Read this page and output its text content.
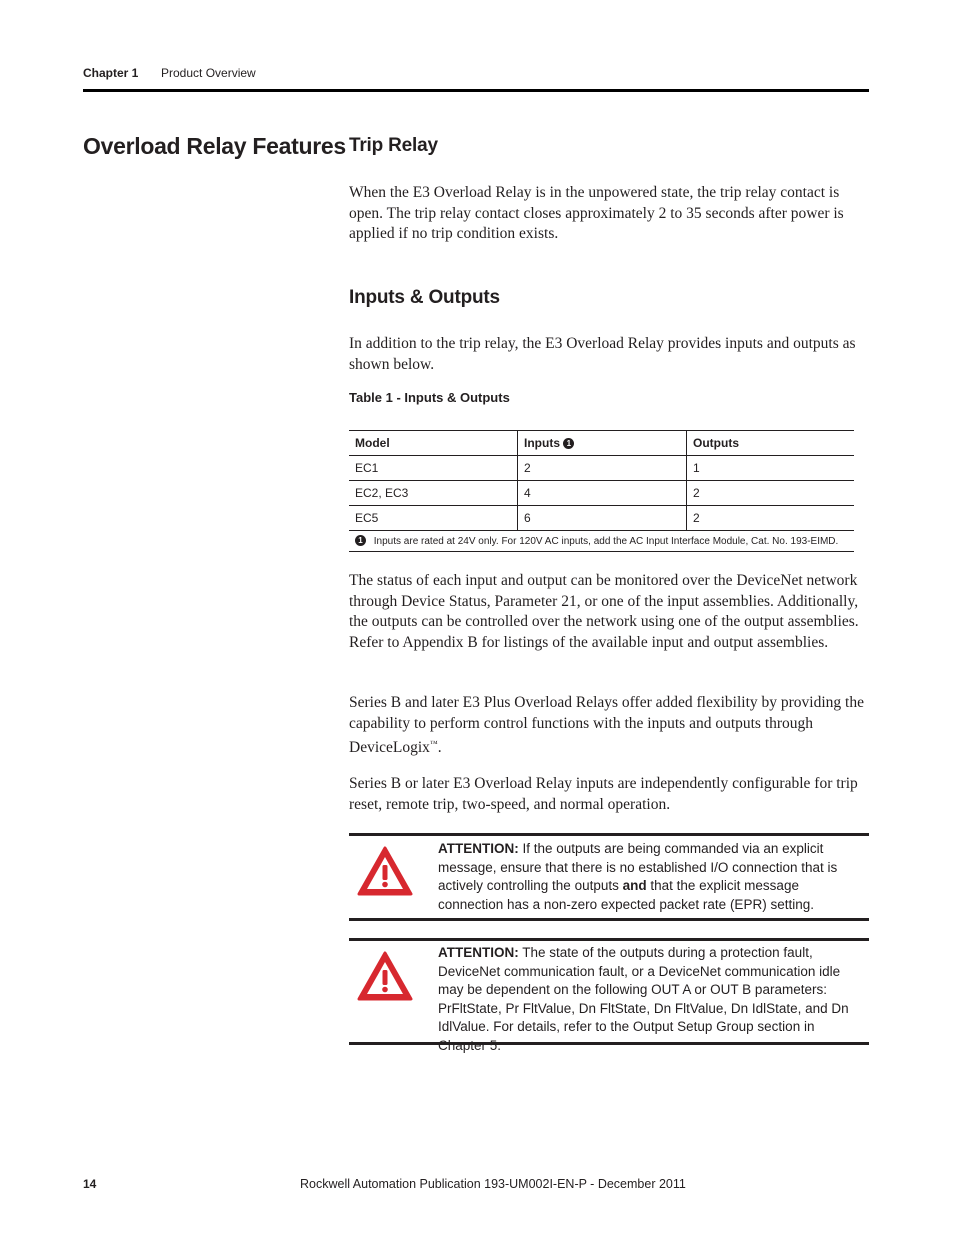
Chapter 1 Product Overview
Overload Relay Features Trip Relay

When the E3 Overload Relay is in the unpowered state, the trip relay contact is open. The trip relay contact closes approximately 2 to 35 seconds after power is applied if no trip condition exists.

Inputs & Outputs

In addition to the trip relay, the E3 Overload Relay provides inputs and outputs as shown below.

Table 1 - Inputs & Outputs
Model	Inputs 1	Outputs
EC1	2	1
EC2, EC3	4	2
EC5	6	2
1 Inputs are rated at 24V only. For 120V AC inputs, add the AC Input Interface Module, Cat. No. 193-EIMD.		

The status of each input and output can be monitored over the DeviceNet network through Device Status, Parameter 21, or one of the input assemblies. Additionally, the outputs can be controlled over the network using one of the output assemblies. Refer to Appendix B for listings of the available input and output assemblies.

Series B and later E3 Plus Overload Relays offer added flexibility by providing the capability to perform control functions with the inputs and outputs through DeviceLogix™.

Series B or later E3 Overload Relay inputs are independently configurable for trip reset, remote trip, two-speed, and normal operation.

ATTENTION: If the outputs are being commanded via an explicit message, ensure that there is no established I/O connection that is actively controlling the outputs and that the explicit message connection has a non-zero expected packet rate (EPR) setting.
ATTENTION: The state of the outputs during a protection fault, DeviceNet communication fault, or a DeviceNet communication idle may be dependent on the following OUT A or OUT B parameters: PrFltState, Pr FltValue, Dn FltState, Dn FltValue, Dn IdlState, and Dn IdlValue. For details, refer to the Output Setup Group section in Chapter 5.
14	Rockwell Automation Publication 193-UM002I-EN-P - December 2011
